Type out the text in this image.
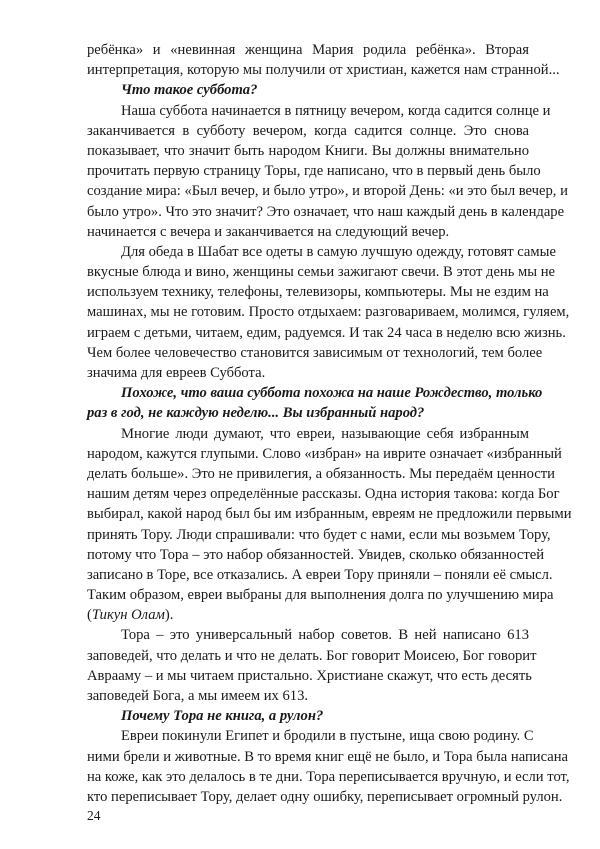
ребёнка» и «невинная женщина Мария родила ребёнка». Вторая
интерпретация, которую мы получили от христиан, кажется нам странной...
Что такое суббота?
Наша суббота начинается в пятницу вечером, когда садится солнце и
заканчивается в субботу вечером, когда садится солнце. Это снова
показывает, что значит быть народом Книги. Вы должны внимательно
прочитать первую страницу Торы, где написано, что в первый день было
создание мира: «Был вечер, и было утро», и второй День: «и это был вечер, и
было утро». Что это значит? Это означает, что наш каждый день в календаре
начинается с вечера и заканчивается на следующий вечер.
Для обеда в Шабат все одеты в самую лучшую одежду, готовят самые
вкусные блюда и вино, женщины семьи зажигают свечи. В этот день мы не
используем технику, телефоны, телевизоры, компьютеры. Мы не ездим на
машинах, мы не готовим. Просто отдыхаем: разговариваем, молимся, гуляем,
играем с детьми, читаем, едим, радуемся. И так 24 часа в неделю всю жизнь.
Чем более человечество становится зависимым от технологий, тем более
значима для евреев Суббота.
Похоже, что ваша суббота похожа на наше Рождество, только
раз в год, не каждую неделю... Вы избранный народ?
Многие люди думают, что евреи, называющие себя избранным
народом, кажутся глупыми. Слово «избран» на иврите означает «избранный
делать больше». Это не привилегия, а обязанность. Мы передаём ценности
нашим детям через определённые рассказы. Одна история такова: когда Бог
выбирал, какой народ был бы им избранным, евреям не предложили первыми
принять Тору. Люди спрашивали: что будет с нами, если мы возьмем Тору,
потому что Тора – это набор обязанностей. Увидев, сколько обязанностей
записано в Торе, все отказались. А евреи Тору приняли – поняли её смысл.
Таким образом, евреи выбраны для выполнения долга по улучшению мира
(Тикун Олам).
Тора – это универсальный набор советов. В ней написано 613
заповедей, что делать и что не делать. Бог говорит Моисею, Бог говорит
Аврааму – и мы читаем пристально. Христиане скажут, что есть десять
заповедей Бога, а мы имеем их 613.
Почему Тора не книга, а рулон?
Евреи покинули Египет и бродили в пустыне, ища свою родину. С
ними брели и животные. В то время книг ещё не было, и Тора была написана
на коже, как это делалось в те дни. Тора переписывается вручную, и если тот,
кто переписывает Тору, делает одну ошибку, переписывает огромный рулон.
24
